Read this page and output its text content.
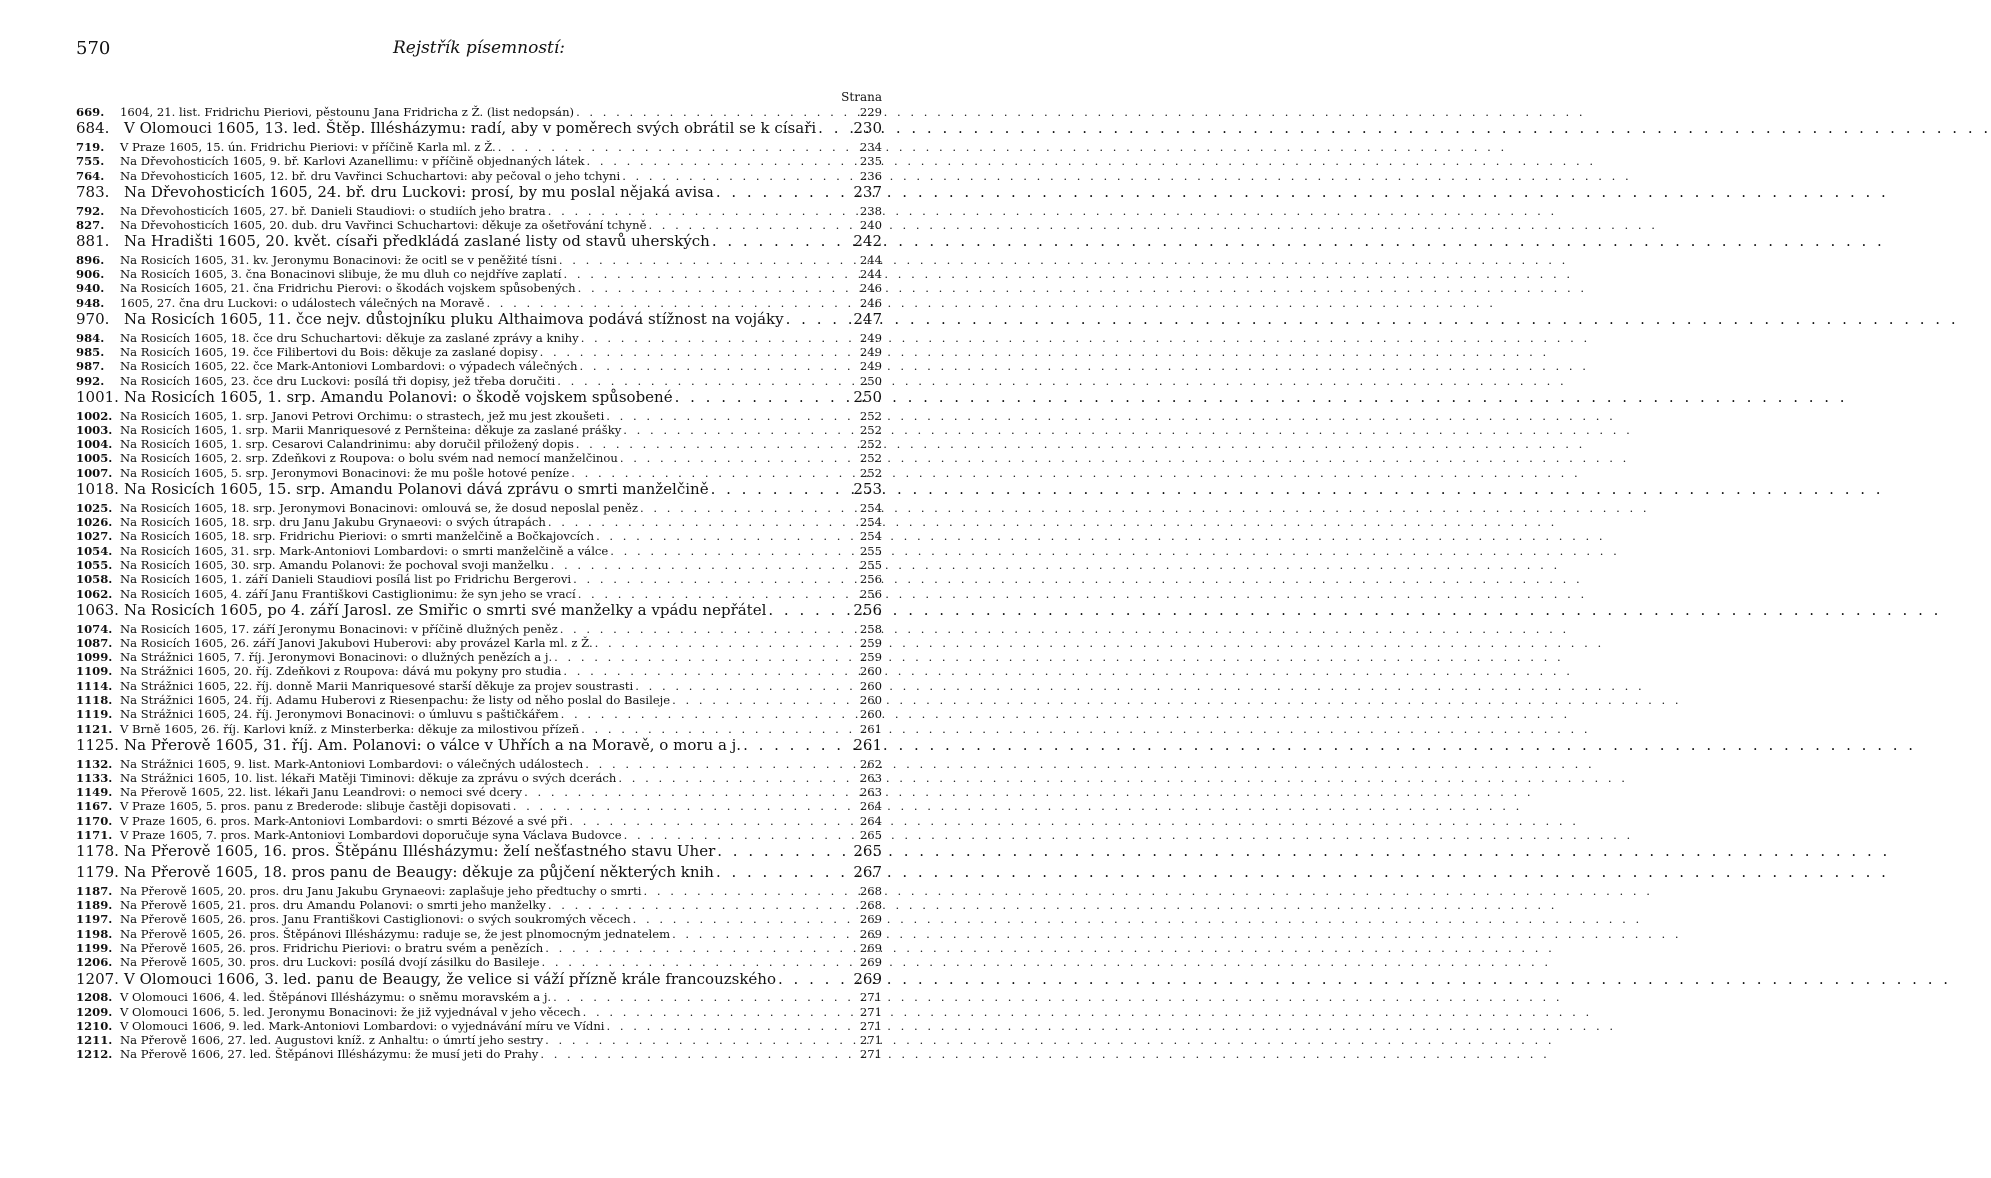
570	Rejstřík písemností:
Strana
669.	1604, 21. list. Fridrichu Pieriovi, pěstounu Jana Fridricha z Ž. (list nedopsán) . . .	229
684. V Olomouci 1605, 13. led. Štěp. Illésházymu: radí, aby v poměrech svých obrátil se k císaři . . .	230
719.	V Praze 1605, 15. ún. Fridrichu Pieriovi: v příčině Karla ml. z Ž. . . .	234
755.	Na Dřevohosticích 1605, 9. bř. Karlovi Azanellimu: v příčině objednaných látek . . .	235
764.	Na Dřevohosticích 1605, 12. bř. dru Vavřinci Schuchartovi: aby pečoval o jeho tchyni . . .	236
783. Na Dřevohosticích 1605, 24. bř. dru Luckovi: prosí, by mu poslal nějaká avisa . . .	237
792.	Na Dřevohosticích 1605, 27. bř. Danieli Staudiovi: o studiích jeho bratra . . .	238
827.	Na Dřevohosticích 1605, 20. dub. dru Vavřinci Schuchartovi: děkuje za ošetřování tchyně . . .	240
881. Na Hradišti 1605, 20. květ. císaři předkládá zaslané listy od stavů uherských . . .	242
896.	Na Rosicích 1605, 31. kv. Jeronymu Bonacinovi: že ocitl se v peněžité tísni . . .	244
906.	Na Rosicích 1605, 3. čna Bonacinovi slibuje, že mu dluh co nejdříve zaplatí . . .	244
940.	Na Rosicích 1605, 21. čna Fridrichu Pierovi: o škodách vojskem spůsobených . . .	246
948.	1605, 27. čna dru Luckovi: o událostech válečných na Moravě . . .	246
970. Na Rosicích 1605, 11. čce nejv. důstojníku pluku Althaimova podává stížnost na vojáky . . .	247
984.	Na Rosicích 1605, 18. čce dru Schuchartovi: děkuje za zaslané zprávy a knihy . . .	249
985.	Na Rosicích 1605, 19. čce Filibertovi du Bois: děkuje za zaslané dopisy . . .	249
987.	Na Rosicích 1605, 22. čce Mark-Antoniovi Lombardovi: o výpadech válečných . . .	249
992.	Na Rosicích 1605, 23. čce dru Luckovi: posílá tři dopisy, jež třeba doručiti . . .	250
1001. Na Rosicích 1605, 1. srp. Amandu Polanovi: o škodě vojskem spůsobené . . .	250
1002. Na Rosicích 1605, 1. srp. Janovi Petrovi Orchimu: o strastech, jež mu jest zkoušeti . . .	252
1003. Na Rosicích 1605, 1. srp. Marii Manriquesové z Pernšteina: děkuje za zaslané prášky . . .	252
1004. Na Rosicích 1605, 1. srp. Cesarovi Calandrinimu: aby doručil přiložený dopis . . .	252
1005. Na Rosicích 1605, 2. srp. Zdeňkovi z Roupova: o bolu svém nad nemocí manželčinou . . .	252
1007. Na Rosicích 1605, 5. srp. Jeronymovi Bonacinovi: že mu pošle hotové peníze . . .	252
1018. Na Rosicích 1605, 15. srp. Amandu Polanovi dává zprávu o smrti manželčině . . .	253
1025. Na Rosicích 1605, 18. srp. Jeronymovi Bonacinovi: omlouvá se, že dosud neposlal peněz . . .	254
1026. Na Rosicích 1605, 18. srp. dru Janu Jakubu Grynaeovi: o svých útrapách . . .	254
1027. Na Rosicích 1605, 18. srp. Fridrichu Pieriovi: o smrti manželčině a Bočkajovcích . . .	254
1054. Na Rosicích 1605, 31. srp. Mark-Antoniovi Lombardovi: o smrti manželčině a válce . . .	255
1055. Na Rosicích 1605, 30. srp. Amandu Polanovi: že pochoval svoji manželku . . .	255
1058. Na Rosicích 1605, 1. září Danieli Staudiovi posílá list po Fridrichu Bergerovi . . .	256
1062. Na Rosicích 1605, 4. září Janu Františkovi Castiglionimu: že syn jeho se vrací . . .	256
1063. Na Rosicích 1605, po 4. září Jarosl. ze Smiřic o smrti své manželky a vpádu nepřátel . . .	256
1074. Na Rosicích 1605, 17. září Jeronymu Bonacinovi: v příčině dlužných peněz . . .	258
1087. Na Rosicích 1605, 26. září Janovi Jakubovi Huberovi: aby provázel Karla ml. z Ž. . . .	259
1099. Na Strážnici 1605, 7. říj. Jeronymovi Bonacinovi: o dlužných penězích a j. . . .	259
1109. Na Strážnici 1605, 20. říj. Zdeňkovi z Roupova: dává mu pokyny pro studia . . .	260
1114. Na Strážnici 1605, 22. říj. donně Marii Manriquesové starší děkuje za projev soustrasti . . .	260
1118. Na Strážnici 1605, 24. říj. Adamu Huberovi z Riesenpachu: že listy od něho poslal do Basileje . . .	260
1119. Na Strážnici 1605, 24. říj. Jeronymovi Bonacinovi: o úmluvu s paštičkářem . . .	260
1121. V Brně 1605, 26. říj. Karlovi kníž. z Minsterberka: děkuje za milostivou přízeň . . .	261
1125. Na Přerově 1605, 31. říj. Am. Polanovi: o válce v Uhřích a na Moravě, o moru a j. . . .	261
1132. Na Strážnici 1605, 9. list. Mark-Antoniovi Lombardovi: o válečných událostech . . .	262
1133. Na Strážnici 1605, 10. list. lékaři Matěji Timinovi: děkuje za zprávu o svých dcerách . . .	263
1149. Na Přerově 1605, 22. list. lékaři Janu Leandrovi: o nemoci své dcery . . .	263
1167. V Praze 1605, 5. pros. panu z Brederode: slibuje častěji dopisovati . . .	264
1170. V Praze 1605, 6. pros. Mark-Antoniovi Lombardovi: o smrti Bézové a své při . . .	264
1171. V Praze 1605, 7. pros. Mark-Antoniovi Lombardovi doporučuje syna Václava Budovce . . .	265
1178. Na Přerově 1605, 16. pros. Štěpánu Illésházymu: želí nešťastného stavu Uher . . .	265
1179. Na Přerově 1605, 18. pros panu de Beaugy: děkuje za půjčení některých knih . . .	267
1187. Na Přerově 1605, 20. pros. dru Janu Jakubu Grynaeovi: zaplašuje jeho předtuchy o smrti . . .	268
1189. Na Přerově 1605, 21. pros. dru Amandu Polanovi: o smrti jeho manželky . . .	268
1197. Na Přerově 1605, 26. pros. Janu Františkovi Castiglionovi: o svých soukromých věcech . . .	269
1198. Na Přerově 1605, 26. pros. Štěpánovi Illésházymu: raduje se, že jest plnomocným jednatelem . . .	269
1199. Na Přerově 1605, 26. pros. Fridrichu Pieriovi: o bratru svém a penězích . . .	269
1206. Na Přerově 1605, 30. pros. dru Luckovi: posílá dvojí zásilku do Basileje . . .	269
1207. V Olomouci 1606, 3. led. panu de Beaugy, že velice si váží přízně krále francouzského . . .	269
1208. V Olomouci 1606, 4. led. Štěpánovi Illésházymu: o sněmu moravském a j. . . .	271
1209. V Olomouci 1606, 5. led. Jeronymu Bonacinovi: že již vyjednával v jeho věcech . . .	271
1210. V Olomouci 1606, 9. led. Mark-Antoniovi Lombardovi: o vyjednávání míru ve Vídni . . .	271
1211. Na Přerově 1606, 27. led. Augustovi kníž. z Anhaltu: o úmrtí jeho sestry . . .	271
1212. Na Přerově 1606, 27. led. Štěpánovi Illésházymu: že musí jeti do Prahy . . .	271
